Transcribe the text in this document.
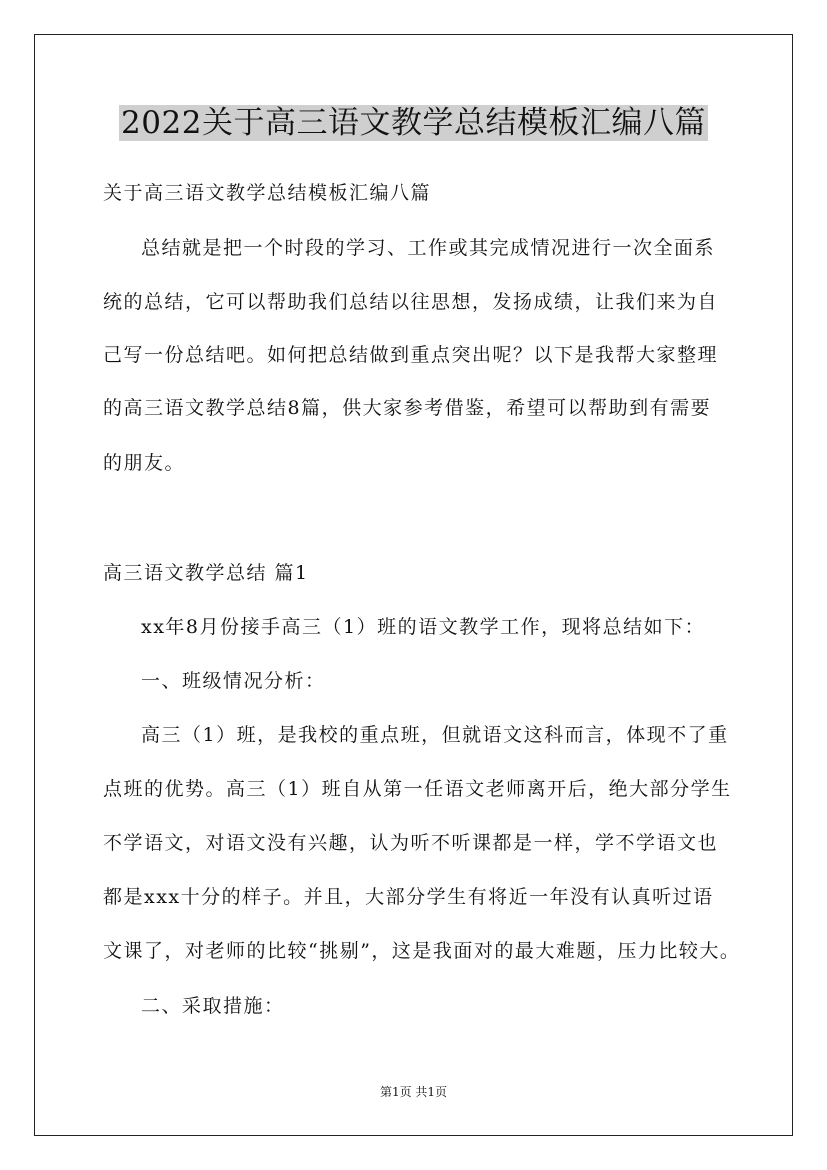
2022关于高三语文教学总结模板汇编八篇
关于高三语文教学总结模板汇编八篇
总结就是把一个时段的学习、工作或其完成情况进行一次全面系
统的总结，它可以帮助我们总结以往思想，发扬成绩，让我们来为自
己写一份总结吧。如何把总结做到重点突出呢？以下是我帮大家整理
的高三语文教学总结8篇，供大家参考借鉴，希望可以帮助到有需要
的朋友。
高三语文教学总结 篇1
xx年8月份接手高三（1）班的语文教学工作，现将总结如下：
一、班级情况分析：
高三（1）班，是我校的重点班，但就语文这科而言，体现不了重
点班的优势。高三（1）班自从第一任语文老师离开后，绝大部分学生
不学语文，对语文没有兴趣，认为听不听课都是一样，学不学语文也
都是xxx十分的样子。并且，大部分学生有将近一年没有认真听过语
文课了，对老师的比较“挑剔”，这是我面对的最大难题，压力比较大。
二、采取措施：
第1页 共1页
